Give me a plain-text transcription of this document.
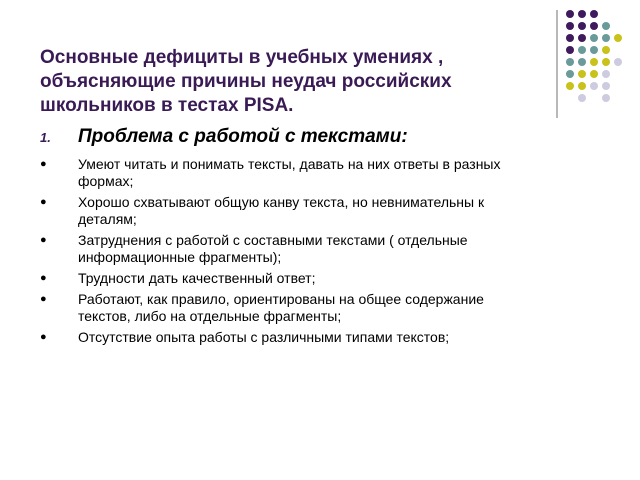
Основные дефициты в учебных умениях ,
объясняющие причины неудач российских
школьников в тестах PISA.
1.	Проблема с работой с текстами:
●	Умеют читать и понимать тексты, давать на них ответы в разных
формах;
●	Хорошо схватывают общую канву текста, но невнимательны к
деталям;
●	Затруднения с работой с составными текстами ( отдельные
информационные фрагменты);
●	Трудности дать качественный ответ;
●	Работают, как правило, ориентированы на общее содержание
текстов, либо на отдельные фрагменты;
●	Отсутствие опыта работы с различными типами текстов;
